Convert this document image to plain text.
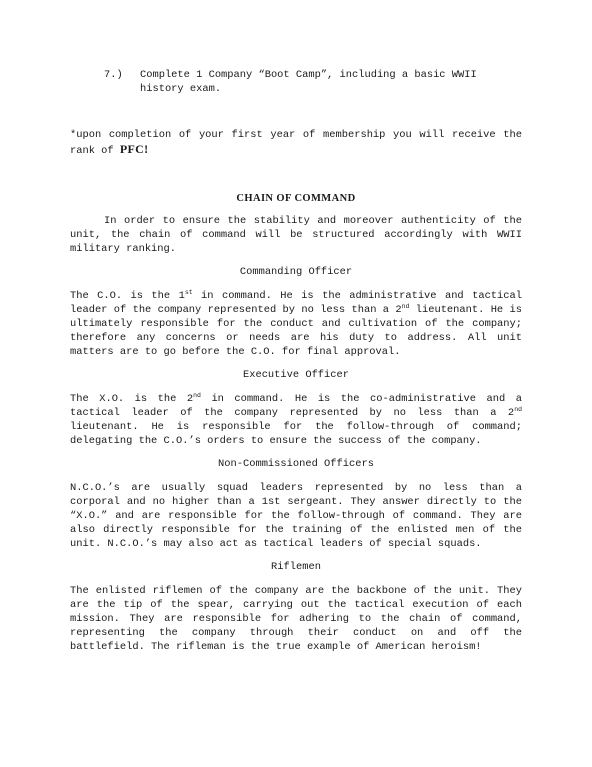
7.) Complete 1 Company “Boot Camp”, including a basic WWII history exam.

*upon completion of your first year of membership you will receive the rank of PFC!

CHAIN OF COMMAND

In order to ensure the stability and moreover authenticity of the unit, the chain of command will be structured accordingly with WWII military ranking.

Commanding Officer

The C.O. is the 1st in command. He is the administrative and tactical leader of the company represented by no less than a 2nd lieutenant. He is ultimately responsible for the conduct and cultivation of the company; therefore any concerns or needs are his duty to address. All unit matters are to go before the C.O. for final approval.

Executive Officer

The X.O. is the 2nd in command. He is the co-administrative and a tactical leader of the company represented by no less than a 2nd lieutenant. He is responsible for the follow-through of command; delegating the C.O.’s orders to ensure the success of the company.

Non-Commissioned Officers

N.C.O.’s are usually squad leaders represented by no less than a corporal and no higher than a 1st sergeant. They answer directly to the “X.O.” and are responsible for the follow-through of command. They are also directly responsible for the training of the enlisted men of the unit. N.C.O.’s may also act as tactical leaders of special squads.

Riflemen

The enlisted riflemen of the company are the backbone of the unit. They are the tip of the spear, carrying out the tactical execution of each mission. They are responsible for adhering to the chain of command, representing the company through their conduct on and off the battlefield. The rifleman is the true example of American heroism!
